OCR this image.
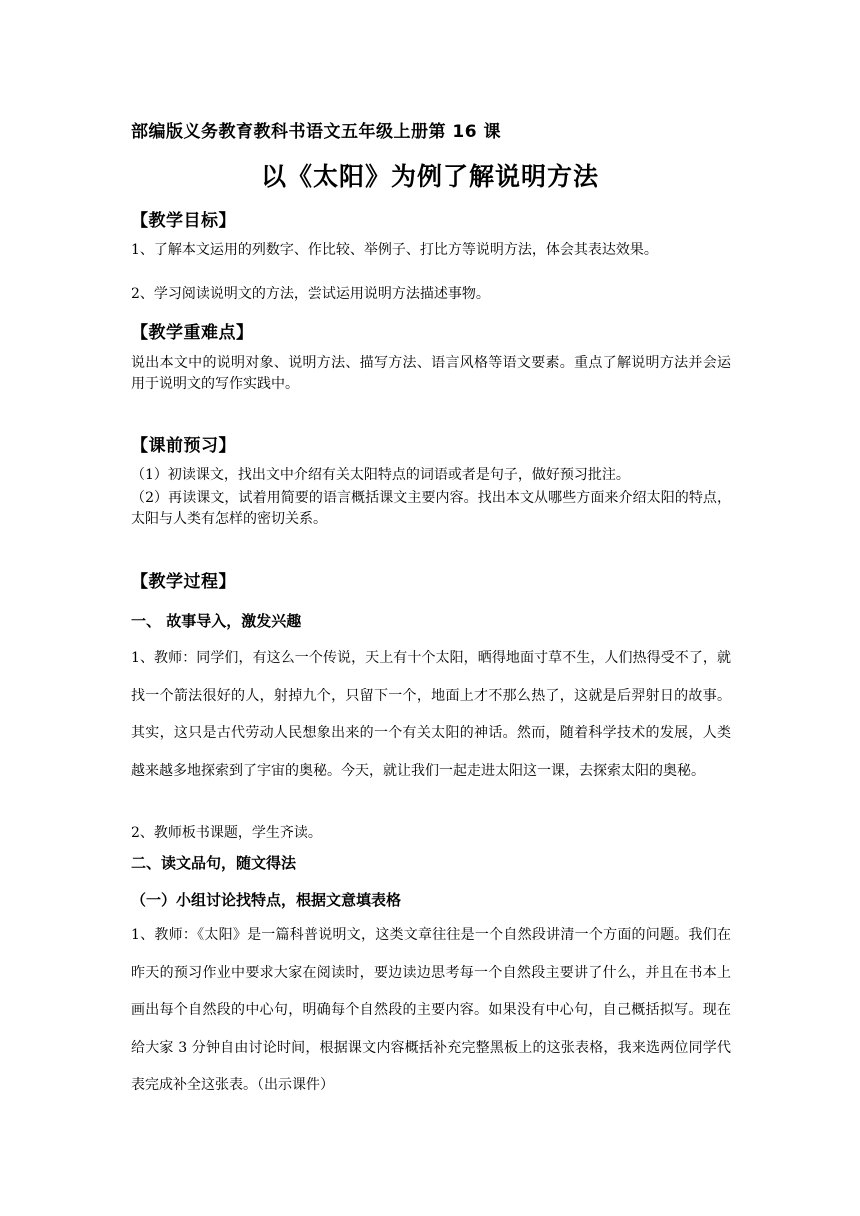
部编版义务教育教科书语文五年级上册第 16 课
以《太阳》为例了解说明方法
【教学目标】
1、了解本文运用的列数字、作比较、举例子、打比方等说明方法，体会其表达效果。
2、学习阅读说明文的方法，尝试运用说明方法描述事物。
【教学重难点】
说出本文中的说明对象、说明方法、描写方法、语言风格等语文要素。重点了解说明方法并会运用于说明文的写作实践中。
【课前预习】
（1）初读课文，找出文中介绍有关太阳特点的词语或者是句子，做好预习批注。
（2）再读课文，试着用简要的语言概括课文主要内容。找出本文从哪些方面来介绍太阳的特点，太阳与人类有怎样的密切关系。
【教学过程】
一、 故事导入，激发兴趣
1、教师：同学们，有这么一个传说，天上有十个太阳，晒得地面寸草不生，人们热得受不了，就找一个箭法很好的人，射掉九个，只留下一个，地面上才不那么热了，这就是后羿射日的故事。其实，这只是古代劳动人民想象出来的一个有关太阳的神话。然而，随着科学技术的发展，人类越来越多地探索到了宇宙的奥秘。今天，就让我们一起走进太阳这一课，去探索太阳的奥秘。
2、教师板书课题，学生齐读。
二、读文品句，随文得法
（一）小组讨论找特点，根据文意填表格
1、教师：《太阳》是一篇科普说明文，这类文章往往是一个自然段讲清一个方面的问题。我们在昨天的预习作业中要求大家在阅读时，要边读边思考每一个自然段主要讲了什么，并且在书本上画出每个自然段的中心句，明确每个自然段的主要内容。如果没有中心句，自己概括拟写。现在给大家 3 分钟自由讨论时间，根据课文内容概括补充完整黑板上的这张表格，我来选两位同学代表完成补全这张表。（出示课件）
